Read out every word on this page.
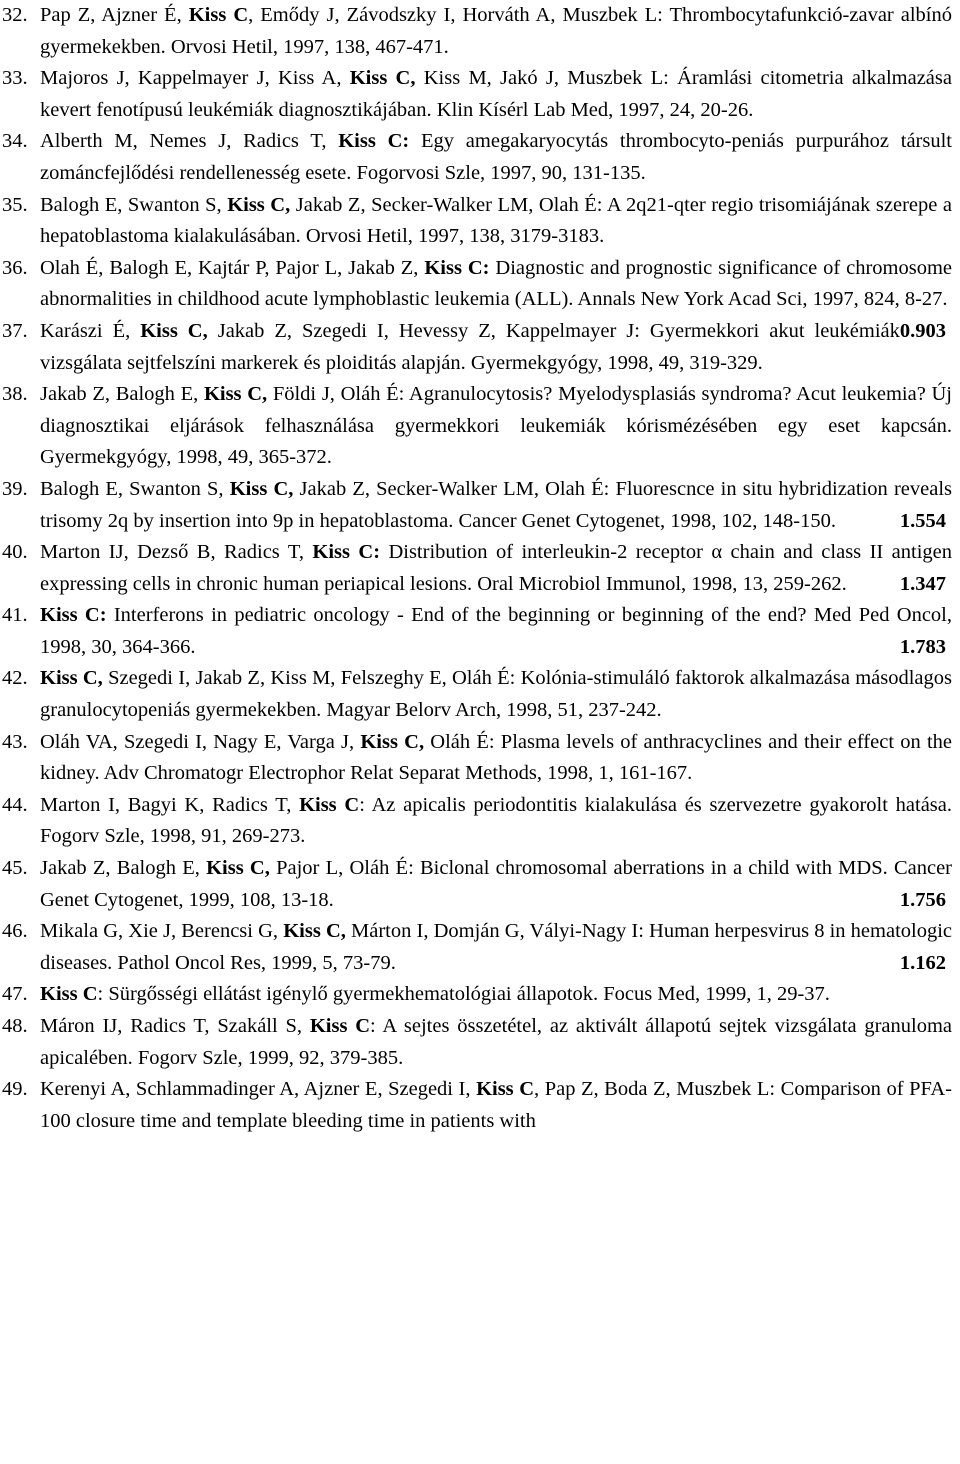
32. Pap Z, Ajzner É, Kiss C, Emődy J, Závodszky I, Horváth A, Muszbek L: Thrombocytafunkció-zavar albínó gyermekekben. Orvosi Hetil, 1997, 138, 467-471.
33. Majoros J, Kappelmayer J, Kiss A, Kiss C, Kiss M, Jakó J, Muszbek L: Áramlási citometria alkalmazása kevert fenotípusú leukémiák diagnosztikájában. Klin Kísérl Lab Med, 1997, 24, 20-26.
34. Alberth M, Nemes J, Radics T, Kiss C: Egy amegakaryocytás thrombocyto-peniás purpurához társult zománcfejlődési rendellenesség esete. Fogorvosi Szle, 1997, 90, 131-135.
35. Balogh E, Swanton S, Kiss C, Jakab Z, Secker-Walker LM, Olah É: A 2q21-qter regio trisomiájának szerepe a hepatoblastoma kialakulásában. Orvosi Hetil, 1997, 138, 3179-3183.
36. Olah É, Balogh E, Kajtár P, Pajor L, Jakab Z, Kiss C: Diagnostic and prognostic significance of chromosome abnormalities in childhood acute lymphoblastic leukemia (ALL). Annals New York Acad Sci, 1997, 824, 8-27.
0.903
37. Karászi É, Kiss C, Jakab Z, Szegedi I, Hevessy Z, Kappelmayer J: Gyermekkori akut leukémiák vizsgálata sejtfelszíni markerek és ploiditás alapján. Gyermekgyógy, 1998, 49, 319-329.
38. Jakab Z, Balogh E, Kiss C, Földi J, Oláh É: Agranulocytosis? Myelodysplasiás syndroma? Acut leukemia? Új diagnosztikai eljárások felhasználása gyermekkori leukemiák kórismézésében egy eset kapcsán. Gyermekgyógy, 1998, 49, 365-372.
39. Balogh E, Swanton S, Kiss C, Jakab Z, Secker-Walker LM, Olah É: Fluorescnce in situ hybridization reveals trisomy 2q by insertion into 9p in hepatoblastoma. Cancer Genet Cytogenet, 1998, 102, 148-150.	1.554
40. Marton IJ, Dezső B, Radics T, Kiss C: Distribution of interleukin-2 receptor α chain and class II antigen expressing cells in chronic human periapical lesions. Oral Microbiol Immunol, 1998, 13, 259-262.	1.347
41. Kiss C: Interferons in pediatric oncology - End of the beginning or beginning of the end? Med Ped Oncol, 1998, 30, 364-366.	1.783
42. Kiss C, Szegedi I, Jakab Z, Kiss M, Felszeghy E, Oláh É: Kolónia-stimuláló faktorok alkalmazása másodlagos granulocytopeniás gyermekekben. Magyar Belorv Arch, 1998, 51, 237-242.
43. Oláh VA, Szegedi I, Nagy E, Varga J, Kiss C, Oláh É: Plasma levels of anthracyclines and their effect on the kidney. Adv Chromatogr Electrophor Relat Separat Methods, 1998, 1, 161-167.
44. Marton I, Bagyi K, Radics T, Kiss C: Az apicalis periodontitis kialakulása és szervezetre gyakorolt hatása. Fogorv Szle, 1998, 91, 269-273.
45. Jakab Z, Balogh E, Kiss C, Pajor L, Oláh É: Biclonal chromosomal aberrations in a child with MDS. Cancer Genet Cytogenet, 1999, 108, 13-18.	1.756
46. Mikala G, Xie J, Berencsi G, Kiss C, Márton I, Domján G, Vályi-Nagy I: Human herpesvirus 8 in hematologic diseases. Pathol Oncol Res, 1999, 5, 73-79.	1.162
47. Kiss C: Sürgősségi ellátást igénylő gyermekhematológiai állapotok. Focus Med, 1999, 1, 29-37.
48. Máron IJ, Radics T, Szakáll S, Kiss C: A sejtes összetétel, az aktivált állapotú sejtek vizsgálata granuloma apicalében. Fogorv Szle, 1999, 92, 379-385.
49. Kerenyi A, Schlammadinger A, Ajzner E, Szegedi I, Kiss C, Pap Z, Boda Z, Muszbek L: Comparison of PFA-100 closure time and template bleeding time in patients with
